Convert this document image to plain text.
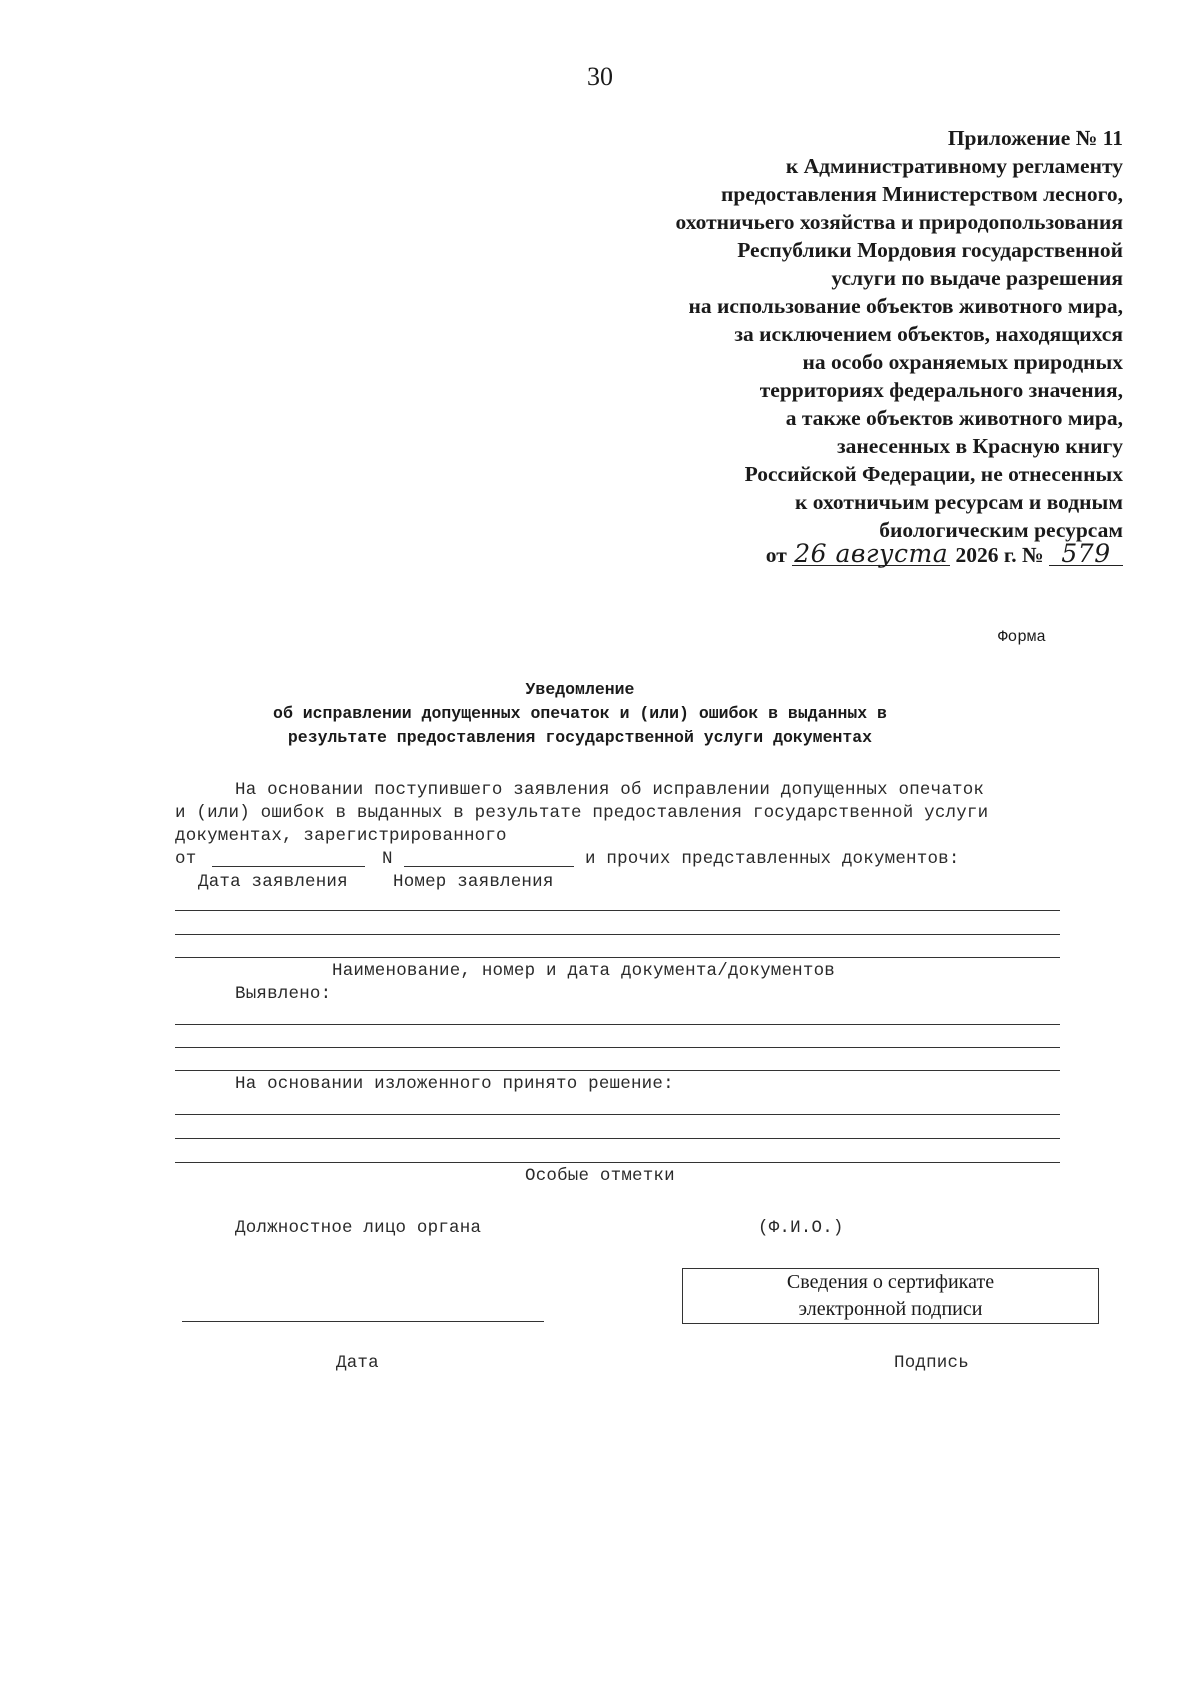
30
Приложение № 11
к Административному регламенту
предоставления Министерством лесного,
охотничьего хозяйства и природопользования
Республики Мордовия государственной
услуги по выдаче разрешения
на использование объектов животного мира,
за исключением объектов, находящихся
на особо охраняемых природных
территориях федерального значения,
а также объектов животного мира,
занесенных в Красную книгу
Российской Федерации, не отнесенных
к охотничьим ресурсам и водным
биологическим ресурсам
от 26 августа 2026 г. № 579
Форма
Уведомление
об исправлении допущенных опечаток и (или) ошибок в выданных в
результате предоставления государственной услуги документах
На основании поступившего заявления об исправлении допущенных опечаток
и (или) ошибок в выданных в результате предоставления государственной услуги
документах, зарегистрированного
от	N	и прочих представленных документов:
Дата заявления	Номер заявления
Наименование, номер и дата документа/документов
Выявлено:
На основании изложенного принято решение:
Особые отметки
Должностное лицо органа	(Ф.И.О.)
Сведения о сертификате
электронной подписи
Дата	Подпись
